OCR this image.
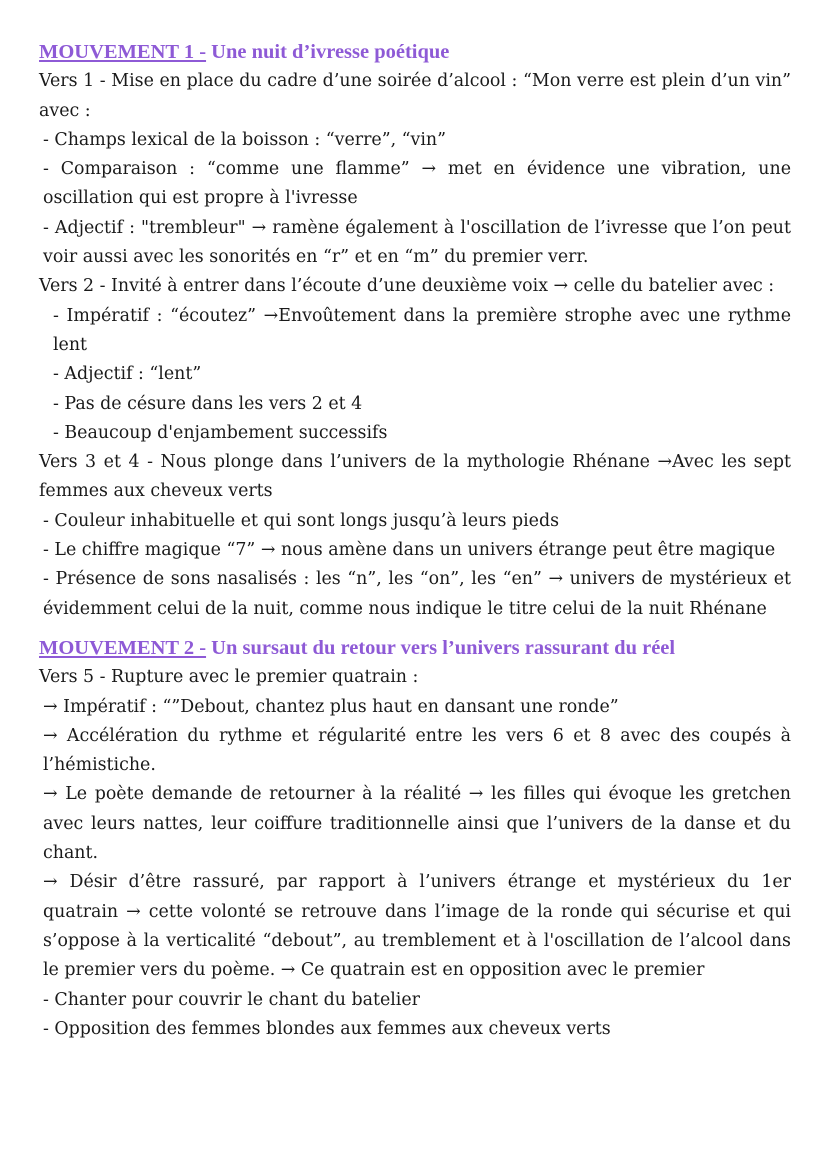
MOUVEMENT 1 - Une nuit d’ivresse poétique

Vers 1 - Mise en place du cadre d’une soirée d’alcool : “Mon verre est plein d’un vin” avec :

- Champs lexical de la boisson : “verre”, “vin”

- Comparaison : “comme une flamme” → met en évidence une vibration, une oscillation qui est propre à l'ivresse

- Adjectif : "trembleur" → ramène également à l'oscillation de l’ivresse que l’on peut voir aussi avec les sonorités en “r” et en “m” du premier verr.

Vers 2 - Invité à entrer dans l’écoute d’une deuxième voix → celle du batelier avec :

- Impératif : “écoutez” →Envoûtement dans la première strophe avec une rythme lent

- Adjectif : “lent”

- Pas de césure dans les vers 2 et 4

- Beaucoup d'enjambement successifs

Vers 3 et 4 - Nous plonge dans l’univers de la mythologie Rhénane →Avec les sept femmes aux cheveux verts

- Couleur inhabituelle et qui sont longs jusqu’à leurs pieds

- Le chiffre magique “7” → nous amène dans un univers étrange peut être magique

- Présence de sons nasalisés : les “n”, les “on”, les “en” → univers de mystérieux et évidemment celui de la nuit, comme nous indique le titre celui de la nuit Rhénane

MOUVEMENT 2 - Un sursaut du retour vers l’univers rassurant du réel

Vers 5 - Rupture avec le premier quatrain :

→ Impératif : “”Debout, chantez plus haut en dansant une ronde”

→ Accélération du rythme et régularité entre les vers 6 et 8 avec des coupés à l’hémistiche.

→ Le poète demande de retourner à la réalité → les filles qui évoque les gretchen avec leurs nattes, leur coiffure traditionnelle ainsi que l’univers de la danse et du chant.

→ Désir d’être rassuré, par rapport à l’univers étrange et mystérieux du 1er quatrain → cette volonté se retrouve dans l’image de la ronde qui sécurise et qui s’oppose à la verticalité “debout”, au tremblement et à l'oscillation de l’alcool dans le premier vers du poème. → Ce quatrain est en opposition avec le premier

- Chanter pour couvrir le chant du batelier

- Opposition des femmes blondes aux femmes aux cheveux verts
